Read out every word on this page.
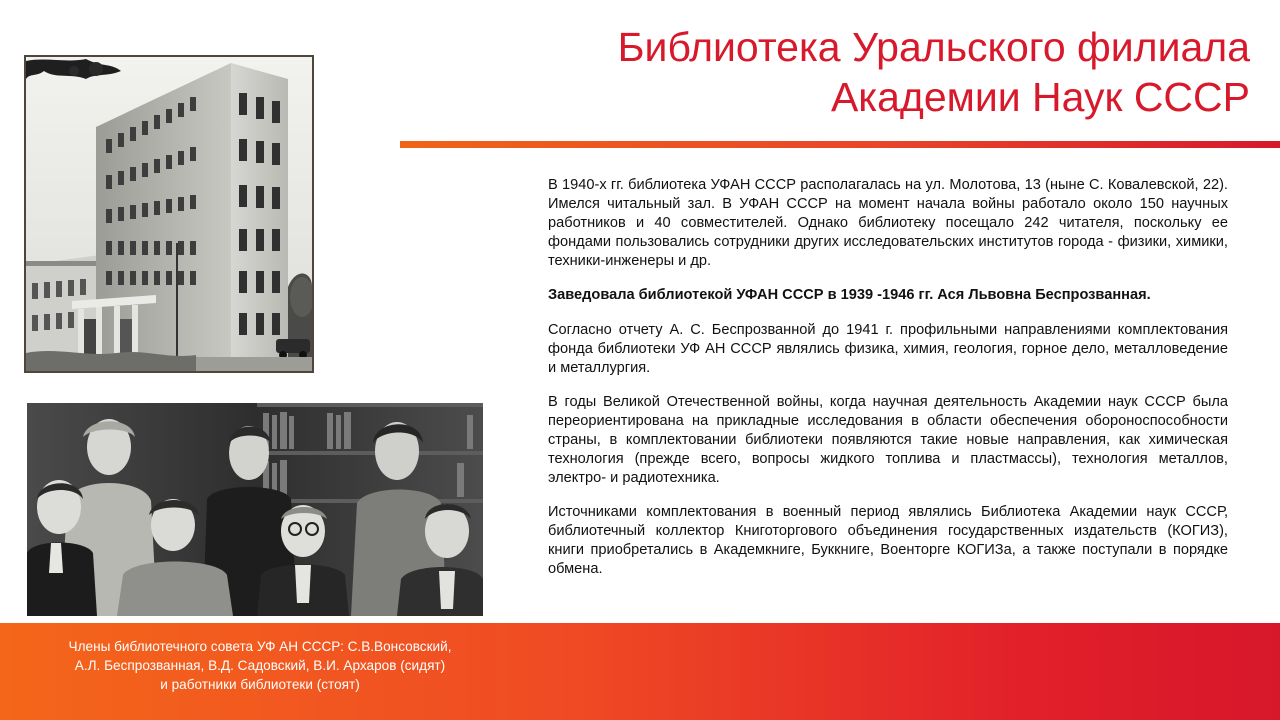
Библиотека Уральского филиала
Академии Наук СССР

В 1940-х гг. библиотека УФАН СССР располагалась на ул. Молотова, 13 (ныне С. Ковалевской, 22). Имелся читальный зал. В УФАН СССР на момент начала войны работало около 150 научных работников и 40 совместителей. Однако библиотеку посещало 242 читателя, поскольку ее фондами пользовались сотрудники других исследовательских институтов города - физики, химики, техники-инженеры и др.

Заведовала библиотекой УФАН СССР в 1939 -1946 гг. Ася Львовна Беспрозванная.

Согласно отчету А. С. Беспрозванной до 1941 г. профильными направлениями комплектования фонда библиотеки УФ АН СССР являлись физика, химия, геология, горное дело, металловедение и металлургия.

В годы Великой Отечественной войны, когда научная деятельность Академии наук СССР была переориентирована на прикладные исследования в области обеспечения обороноспособности страны, в комплектовании библиотеки появляются такие новые направления, как химическая технология (прежде всего, вопросы жидкого топлива и пластмассы), технология металлов, электро- и радиотехника.

Источниками комплектования в военный период являлись Библиотека Академии наук СССР, библиотечный коллектор Книготоргового объединения государственных издательств (КОГИЗ), книги приобретались в Академкниге, Буккниге, Военторге КОГИЗа, а также поступали в порядке обмена.

Члены библиотечного совета УФ АН СССР: С.В.Вонсовский,
А.Л. Беспрозванная, В.Д. Садовский, В.И. Архаров (сидят)
и работники библиотеки (стоят)
